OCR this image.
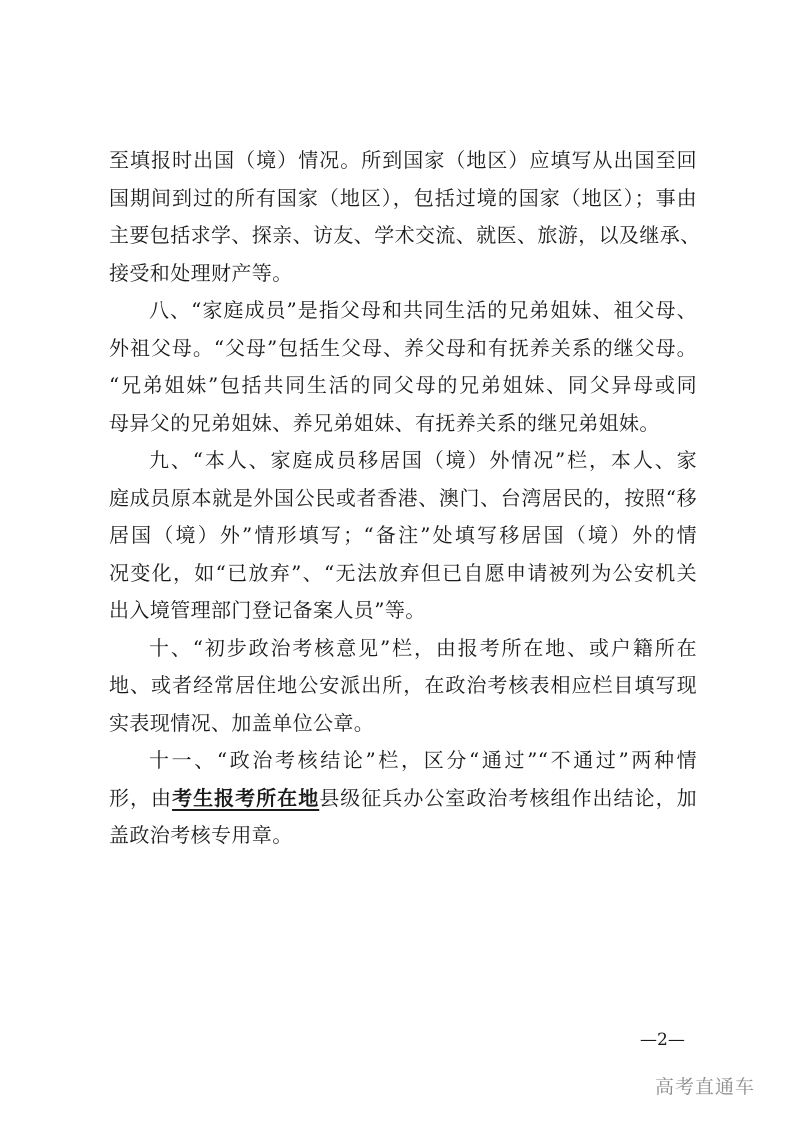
至填报时出国（境）情况。所到国家（地区）应填写从出国至回
国期间到过的所有国家（地区），包括过境的国家（地区）；事由
主要包括求学、探亲、访友、学术交流、就医、旅游，以及继承、
接受和处理财产等。

八、“家庭成员”是指父母和共同生活的兄弟姐妹、祖父母、
外祖父母。“父母”包括生父母、养父母和有抚养关系的继父母。
“兄弟姐妹”包括共同生活的同父母的兄弟姐妹、同父异母或同
母异父的兄弟姐妹、养兄弟姐妹、有抚养关系的继兄弟姐妹。

九、“本人、家庭成员移居国（境）外情况”栏，本人、家
庭成员原本就是外国公民或者香港、澳门、台湾居民的，按照“移
居国（境）外”情形填写；“备注”处填写移居国（境）外的情
况变化，如“已放弃”、“无法放弃但已自愿申请被列为公安机关
出入境管理部门登记备案人员”等。

十、“初步政治考核意见”栏，由报考所在地、或户籍所在
地、或者经常居住地公安派出所，在政治考核表相应栏目填写现
实表现情况、加盖单位公章。

十一、“政治考核结论”栏，区分“通过”“不通过”两种情
形，由考生报考所在地县级征兵办公室政治考核组作出结论，加
盖政治考核专用章。

—2—
高考直通车
